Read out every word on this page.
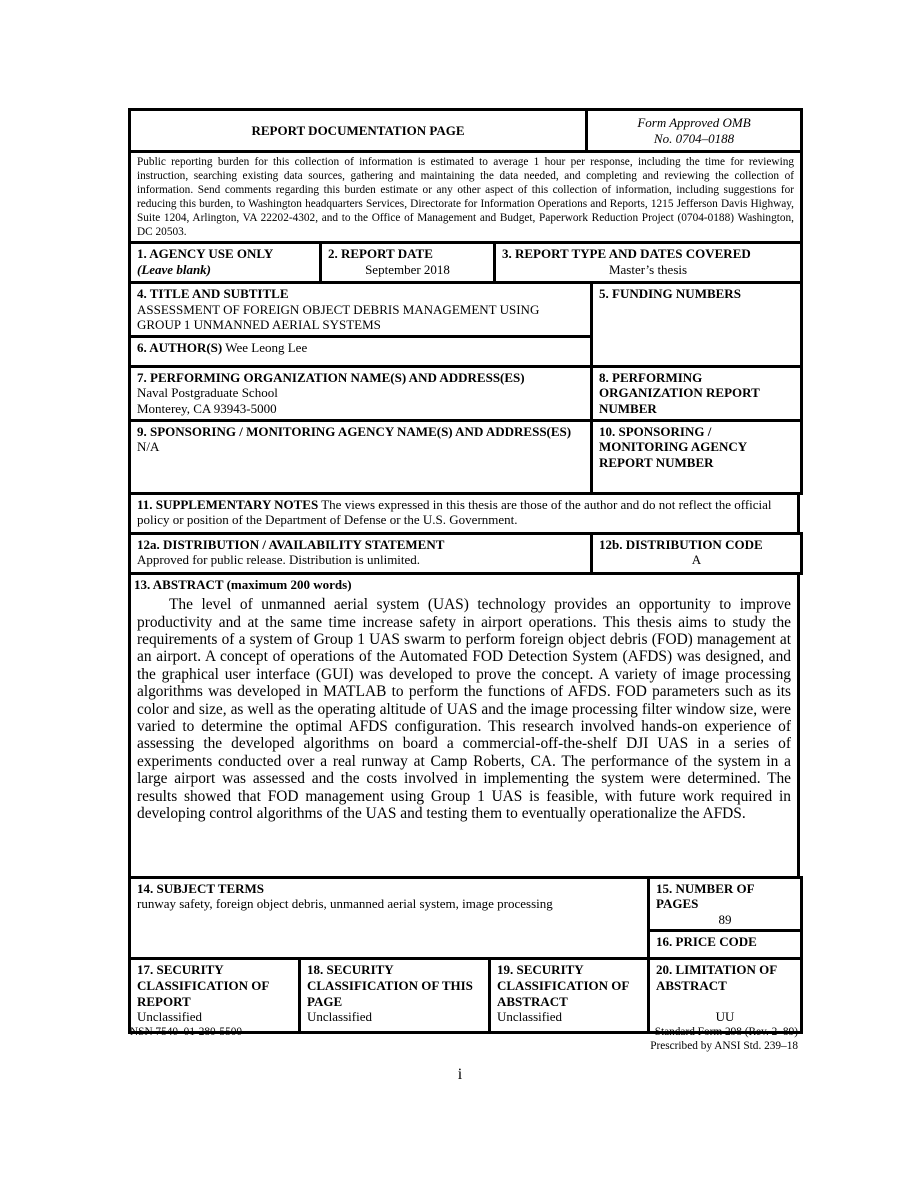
REPORT DOCUMENTATION PAGE	
Form Approved OMB
No. 0704–0188

Public reporting burden for this collection of information is estimated to average 1 hour per response, including the time for reviewing instruction, searching existing data sources, gathering and maintaining the data needed, and completing and reviewing the collection of information. Send comments regarding this burden estimate or any other aspect of this collection of information, including suggestions for reducing this burden, to Washington headquarters Services, Directorate for Information Operations and Reports, 1215 Jefferson Davis Highway, Suite 1204, Arlington, VA 22202-4302, and to the Office of Management and Budget, Paperwork Reduction Project (0704-0188) Washington, DC 20503.
1. AGENCY USE ONLY
(Leave blank)

2. REPORT DATE
September 2018

3. REPORT TYPE AND DATES COVERED
Master’s thesis
4. TITLE AND SUBTITLE
ASSESSMENT OF FOREIGN OBJECT DEBRIS MANAGEMENT USING GROUP 1 UNMANNED AERIAL SYSTEMS	5. FUNDING NUMBERS

6. AUTHOR(S) Wee Leong Lee	

7. PERFORMING ORGANIZATION NAME(S) AND ADDRESS(ES)
Naval Postgraduate School
Monterey, CA 93943-5000	8. PERFORMING ORGANIZATION REPORT NUMBER

9. SPONSORING / MONITORING AGENCY NAME(S) AND ADDRESS(ES)
N/A	10. SPONSORING / MONITORING AGENCY REPORT NUMBER
11. SUPPLEMENTARY NOTES The views expressed in this thesis are those of the author and do not reflect the official policy or position of the Department of Defense or the U.S. Government.
12a. DISTRIBUTION / AVAILABILITY STATEMENT
Approved for public release. Distribution is unlimited.

12b. DISTRIBUTION CODE
A
13. ABSTRACT (maximum 200 words)

The level of unmanned aerial system (UAS) technology provides an opportunity to improve productivity and at the same time increase safety in airport operations. This thesis aims to study the requirements of a system of Group 1 UAS swarm to perform foreign object debris (FOD) management at an airport. A concept of operations of the Automated FOD Detection System (AFDS) was designed, and the graphical user interface (GUI) was developed to prove the concept. A variety of image processing algorithms was developed in MATLAB to perform the functions of AFDS. FOD parameters such as its color and size, as well as the operating altitude of UAS and the image processing filter window size, were varied to determine the optimal AFDS configuration. This research involved hands-on experience of assessing the developed algorithms on board a commercial-off-the-shelf DJI UAS in a series of experiments conducted over a real runway at Camp Roberts, CA. The performance of the system in a large airport was assessed and the costs involved in implementing the system were determined. The results showed that FOD management using Group 1 UAS is feasible, with future work required in developing control algorithms of the UAS and testing them to eventually operationalize the AFDS.

14. SUBJECT TERMS
runway safety, foreign object debris, unmanned aerial system, image processing

15. NUMBER OF PAGES
89

16. PRICE CODE
17. SECURITY CLASSIFICATION OF REPORT
Unclassified

18. SECURITY CLASSIFICATION OF THIS PAGE
Unclassified

19. SECURITY CLASSIFICATION OF ABSTRACT
Unclassified

20. LIMITATION OF ABSTRACT
UU
NSN 7540–01-280-5500	Standard Form 298 (Rev. 2–89)
Prescribed by ANSI Std. 239–18
i
